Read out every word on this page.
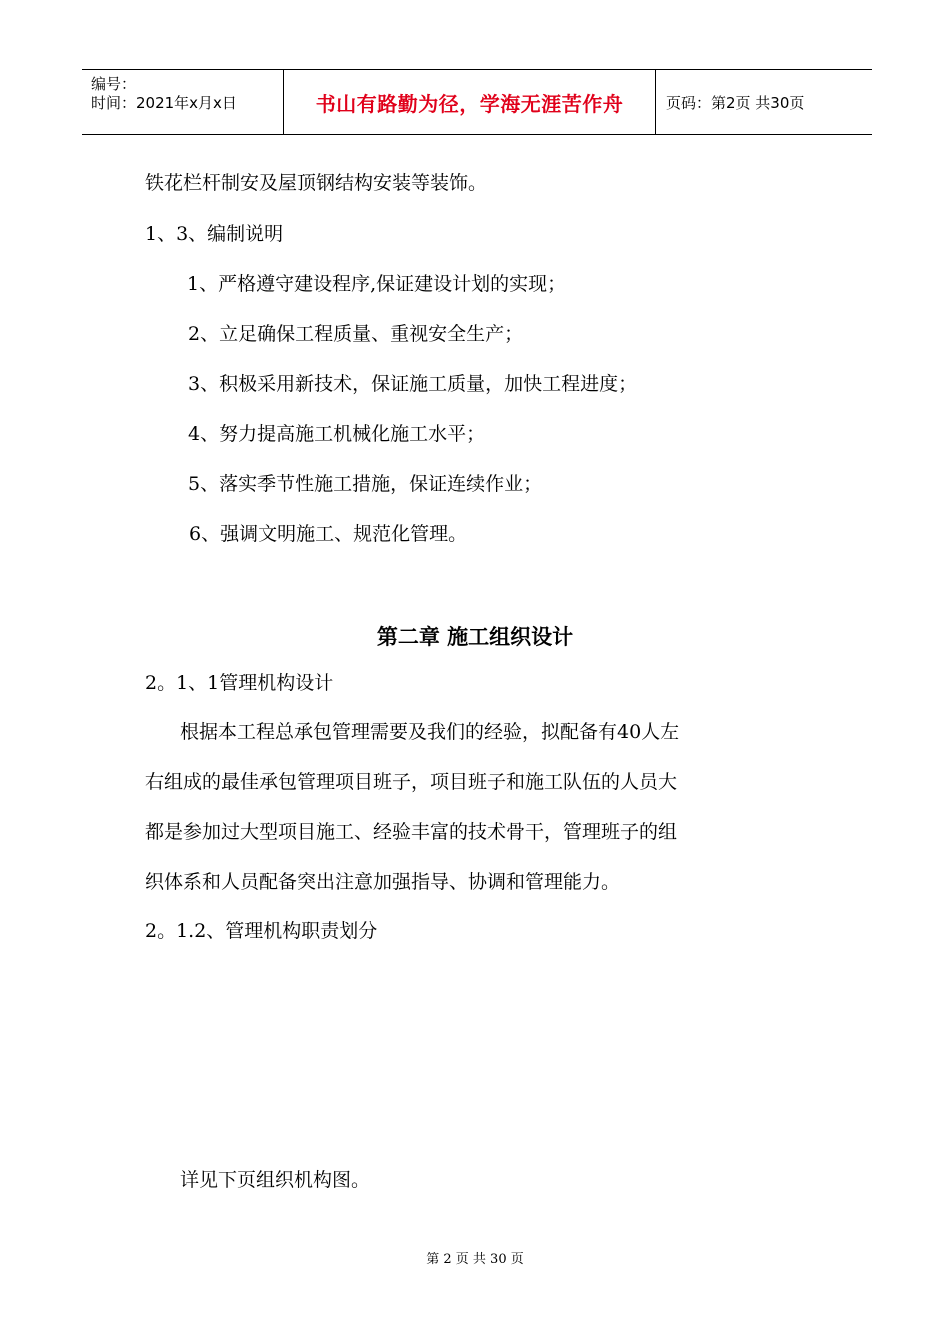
编号：
时间：2021年x月x日	书山有路勤为径，学海无涯苦作舟	页码：第2页 共30页
铁花栏杆制安及屋顶钢结构安装等装饰。
1、3、编制说明
1、严格遵守建设程序,保证建设计划的实现；
2、立足确保工程质量、重视安全生产；
3、积极采用新技术，保证施工质量，加快工程进度；
4、努力提高施工机械化施工水平；
5、落实季节性施工措施，保证连续作业；
6、强调文明施工、规范化管理。
第二章 施工组织设计
2。1、1管理机构设计
根据本工程总承包管理需要及我们的经验，拟配备有40人左
右组成的最佳承包管理项目班子，项目班子和施工队伍的人员大
都是参加过大型项目施工、经验丰富的技术骨干，管理班子的组
织体系和人员配备突出注意加强指导、协调和管理能力。
2。1.2、管理机构职责划分
详见下页组织机构图。
第 2 页 共 30 页
